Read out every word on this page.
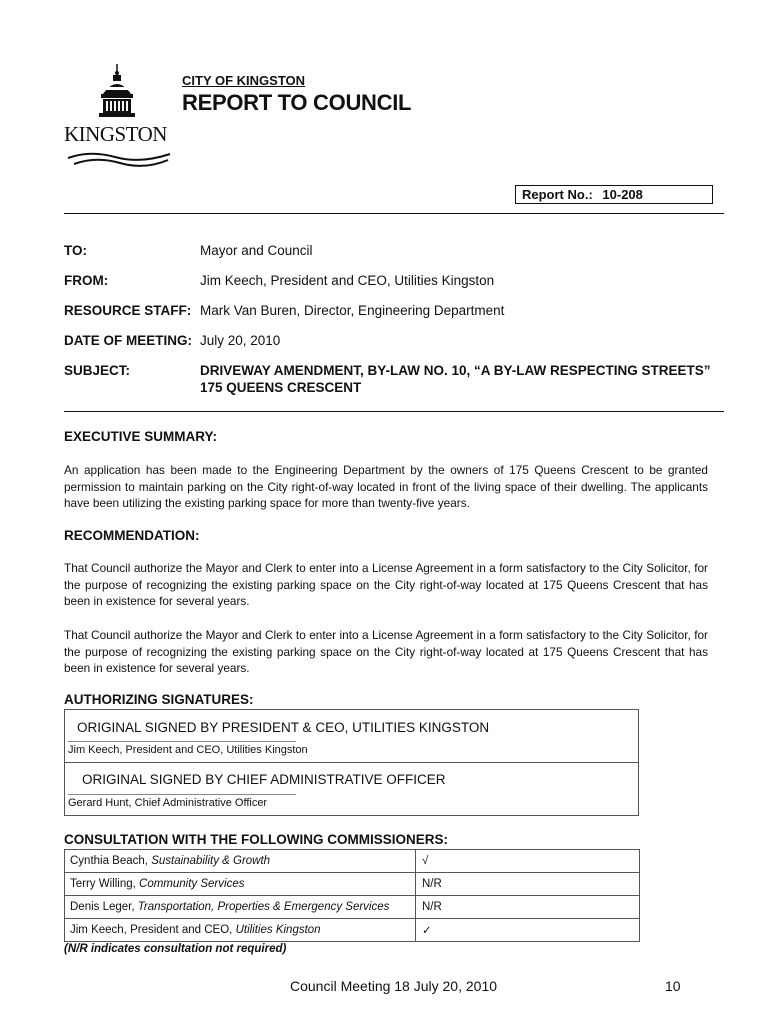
KINGSTON
CITY OF KINGSTON
REPORT TO COUNCIL
Report No.: 10-208
TO:	Mayor and Council
FROM:	Jim Keech, President and CEO, Utilities Kingston
RESOURCE STAFF: Mark Van Buren, Director, Engineering Department
DATE OF MEETING: July 20, 2010
SUBJECT:	DRIVEWAY AMENDMENT, BY-LAW NO. 10, “A BY-LAW RESPECTING STREETS”
175 QUEENS CRESCENT
EXECUTIVE SUMMARY:
An application has been made to the Engineering Department by the owners of 175 Queens Crescent to be granted permission to maintain parking on the City right-of-way located in front of the living space of their dwelling. The applicants have been utilizing the existing parking space for more than twenty-five years.
RECOMMENDATION:
That Council authorize the Mayor and Clerk to enter into a License Agreement in a form satisfactory to the City Solicitor, for the purpose of recognizing the existing parking space on the City right-of-way located at 175 Queens Crescent that has been in existence for several years.
That Council authorize the Mayor and Clerk to enter into a License Agreement in a form satisfactory to the City Solicitor, for the purpose of recognizing the existing parking space on the City right-of-way located at 175 Queens Crescent that has been in existence for several years.
AUTHORIZING SIGNATURES:
ORIGINAL SIGNED BY PRESIDENT & CEO, UTILITIES KINGSTON
Jim Keech, President and CEO, Utilities Kingston
ORIGINAL SIGNED BY CHIEF ADMINISTRATIVE OFFICER
Gerard Hunt, Chief Administrative Officer
CONSULTATION WITH THE FOLLOWING COMMISSIONERS:
Cynthia Beach, Sustainability & Growth	√
Terry Willing, Community Services	N/R
Denis Leger, Transportation, Properties & Emergency Services	N/R
Jim Keech, President and CEO, Utilities Kingston	✓
(N/R indicates consultation not required)
Council Meeting 18 July 20, 2010	10
